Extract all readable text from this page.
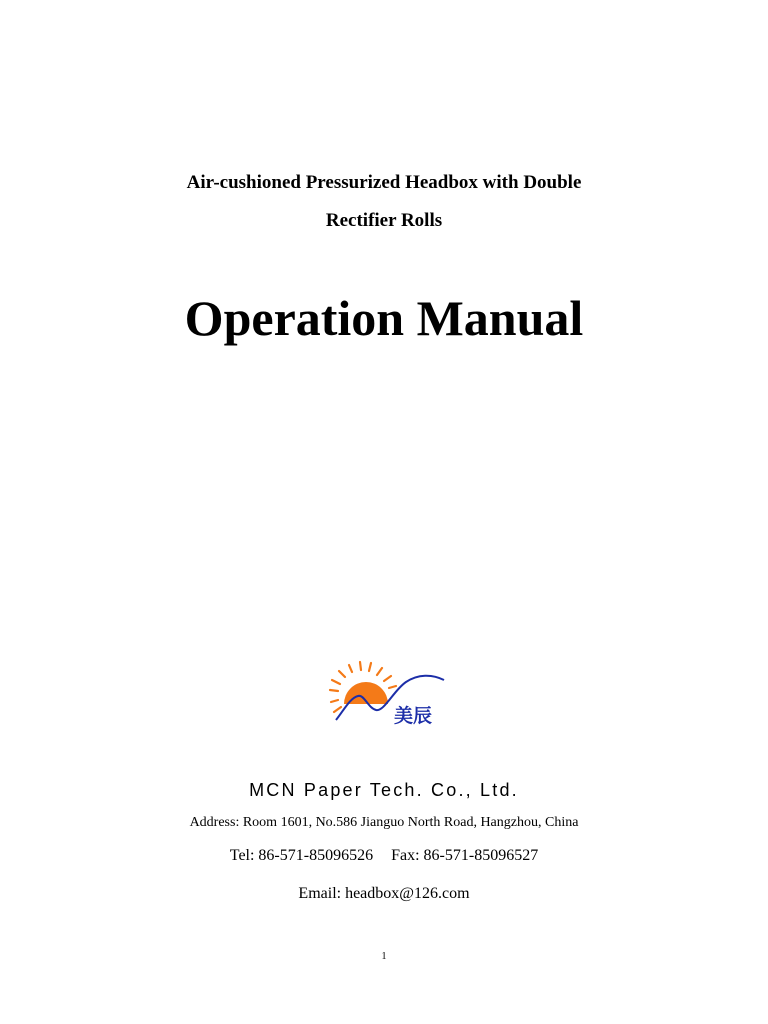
Air-cushioned Pressurized Headbox with Double
Rectifier Rolls
Operation Manual
美辰
MCN Paper Tech. Co., Ltd.
Address: Room 1601, No.586 Jianguo North Road, Hangzhou, China
Tel: 86-571-85096526 Fax: 86-571-85096527
Email: headbox@126.com
1
